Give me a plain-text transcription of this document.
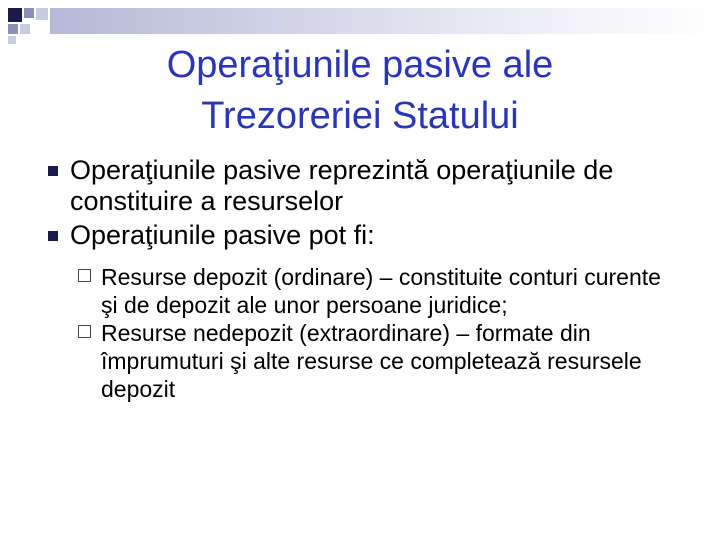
Operaţiunile pasive ale
Trezoreriei Statului
Operaţiunile pasive reprezintă operaţiunile de constituire a resurselor
Operaţiunile pasive pot fi:
Resurse depozit (ordinare) – constituite conturi curente şi de depozit ale unor persoane juridice;
Resurse nedepozit (extraordinare) – formate din împrumuturi şi alte resurse ce completează resursele depozit
